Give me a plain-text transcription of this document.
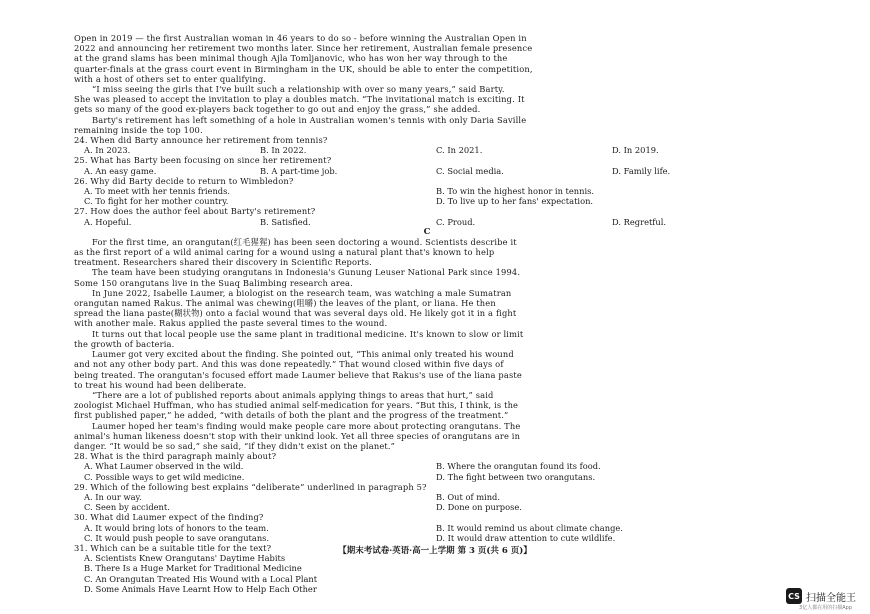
Open in 2019 — the first Australian woman in 46 years to do so - before winning the Australian Open in
2022 and announcing her retirement two months later. Since her retirement, Australian female presence
at the grand slams has been minimal though Ajla Tomljanovic, who has won her way through to the
quarter-finals at the grass court event in Birmingham in the UK, should be able to enter the competition,
with a host of others set to enter qualifying.
“I miss seeing the girls that I've built such a relationship with over so many years,” said Barty.
She was pleased to accept the invitation to play a doubles match. “The invitational match is exciting. It
gets so many of the good ex-players back together to go out and enjoy the grass,” she added.
Barty's retirement has left something of a hole in Australian women's tennis with only Daria Saville
remaining inside the top 100.
24. When did Barty announce her retirement from tennis?
A. In 2023.	B. In 2022.	C. In 2021.	D. In 2019.
25. What has Barty been focusing on since her retirement?
A. An easy game.	B. A part-time job.	C. Social media.	D. Family life.
26. Why did Barty decide to return to Wimbledon?
A. To meet with her tennis friends.	B. To win the highest honor in tennis.
C. To fight for her mother country.	D. To live up to her fans' expectation.
27. How does the author feel about Barty's retirement?
A. Hopeful.	B. Satisfied.	C. Proud.	D. Regretful.
C
For the first time, an orangutan(红毛猩猩) has been seen doctoring a wound. Scientists describe it
as the first report of a wild animal caring for a wound using a natural plant that's known to help
treatment. Researchers shared their discovery in Scientific Reports.
The team have been studying orangutans in Indonesia's Gunung Leuser National Park since 1994.
Some 150 orangutans live in the Suaq Balimbing research area.
In June 2022, Isabelle Laumer, a biologist on the research team, was watching a male Sumatran
orangutan named Rakus. The animal was chewing(咀嚼) the leaves of the plant, or liana. He then
spread the liana paste(糊状物) onto a facial wound that was several days old. He likely got it in a fight
with another male. Rakus applied the paste several times to the wound.
It turns out that local people use the same plant in traditional medicine. It's known to slow or limit
the growth of bacteria.
Laumer got very excited about the finding. She pointed out, “This animal only treated his wound
and not any other body part. And this was done repeatedly.” That wound closed within five days of
being treated. The orangutan's focused effort made Laumer believe that Rakus's use of the liana paste
to treat his wound had been deliberate.
“There are a lot of published reports about animals applying things to areas that hurt,” said
zoologist Michael Huffman, who has studied animal self-medication for years. “But this, I think, is the
first published paper,” he added, “with details of both the plant and the progress of the treatment.”
Laumer hoped her team's finding would make people care more about protecting orangutans. The
animal's human likeness doesn't stop with their unkind look. Yet all three species of orangutans are in
danger. “It would be so sad,” she said, “if they didn't exist on the planet.”
28. What is the third paragraph mainly about?
A. What Laumer observed in the wild.	B. Where the orangutan found its food.
C. Possible ways to get wild medicine.	D. The fight between two orangutans.
29. Which of the following best explains “deliberate” underlined in paragraph 5?
A. In our way.	B. Out of mind.
C. Seen by accident.	D. Done on purpose.
30. What did Laumer expect of the finding?
A. It would bring lots of honors to the team.	B. It would remind us about climate change.
C. It would push people to save orangutans.	D. It would draw attention to cute wildlife.
31. Which can be a suitable title for the text?
A. Scientists Knew Orangutans' Daytime Habits
B. There Is a Huge Market for Traditional Medicine
C. An Orangutan Treated His Wound with a Local Plant
D. Some Animals Have Learnt How to Help Each Other
【期末考试卷·英语·高一上学期 第 3 页(共 6 页)】
CS 扫描全能王
3亿人都在用的扫描App
